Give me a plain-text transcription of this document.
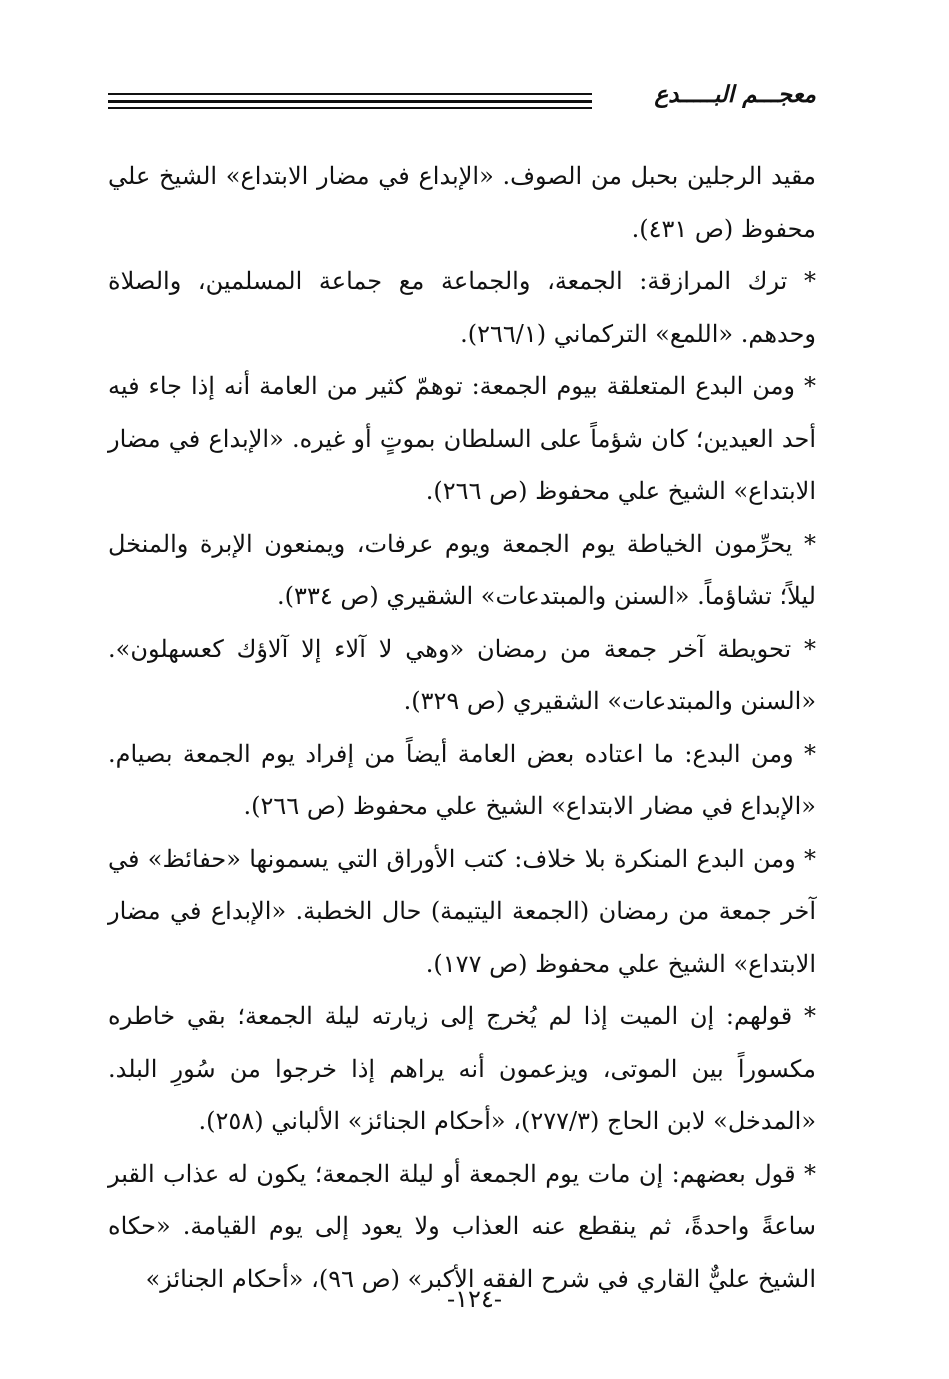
معجـــم البـــــدع

مقيد الرجلين بحبل من الصوف. «الإبداع في مضار الابتداع» الشيخ علي محفوظ (ص ٤٣١).

* ترك المرازقة: الجمعة، والجماعة مع جماعة المسلمين، والصلاة وحدهم. «اللمع» التركماني (٢٦٦/١).

* ومن البدع المتعلقة بيوم الجمعة: توهمّ كثير من العامة أنه إذا جاء فيه أحد العيدين؛ كان شؤماً على السلطان بموتٍ أو غيره. «الإبداع في مضار الابتداع» الشيخ علي محفوظ (ص ٢٦٦).

* يحرِّمون الخياطة يوم الجمعة ويوم عرفات، ويمنعون الإبرة والمنخل ليلاً؛ تشاؤماً. «السنن والمبتدعات» الشقيري (ص ٣٣٤).

* تحويطة آخر جمعة من رمضان «وهي لا آلاء إلا آلاؤك كعسهلون». «السنن والمبتدعات» الشقيري (ص ٣٢٩).

* ومن البدع: ما اعتاده بعض العامة أيضاً من إفراد يوم الجمعة بصيام. «الإبداع في مضار الابتداع» الشيخ علي محفوظ (ص ٢٦٦).

* ومن البدع المنكرة بلا خلاف: كتب الأوراق التي يسمونها «حفائظ» في آخر جمعة من رمضان (الجمعة اليتيمة) حال الخطبة. «الإبداع في مضار الابتداع» الشيخ علي محفوظ (ص ١٧٧).

* قولهم: إن الميت إذا لم يُخرج إلى زيارته ليلة الجمعة؛ بقي خاطره مكسوراً بين الموتى، ويزعمون أنه يراهم إذا خرجوا من سُورِ البلد. «المدخل» لابن الحاج (٢٧٧/٣)، «أحكام الجنائز» الألباني (٢٥٨).

* قول بعضهم: إن مات يوم الجمعة أو ليلة الجمعة؛ يكون له عذاب القبر ساعةً واحدةً، ثم ينقطع عنه العذاب ولا يعود إلى يوم القيامة. «حكاه الشيخ عليٌّ القاري في شرح الفقه الأكبر» (ص ٩٦)، «أحكام الجنائز»

-١٢٤-
